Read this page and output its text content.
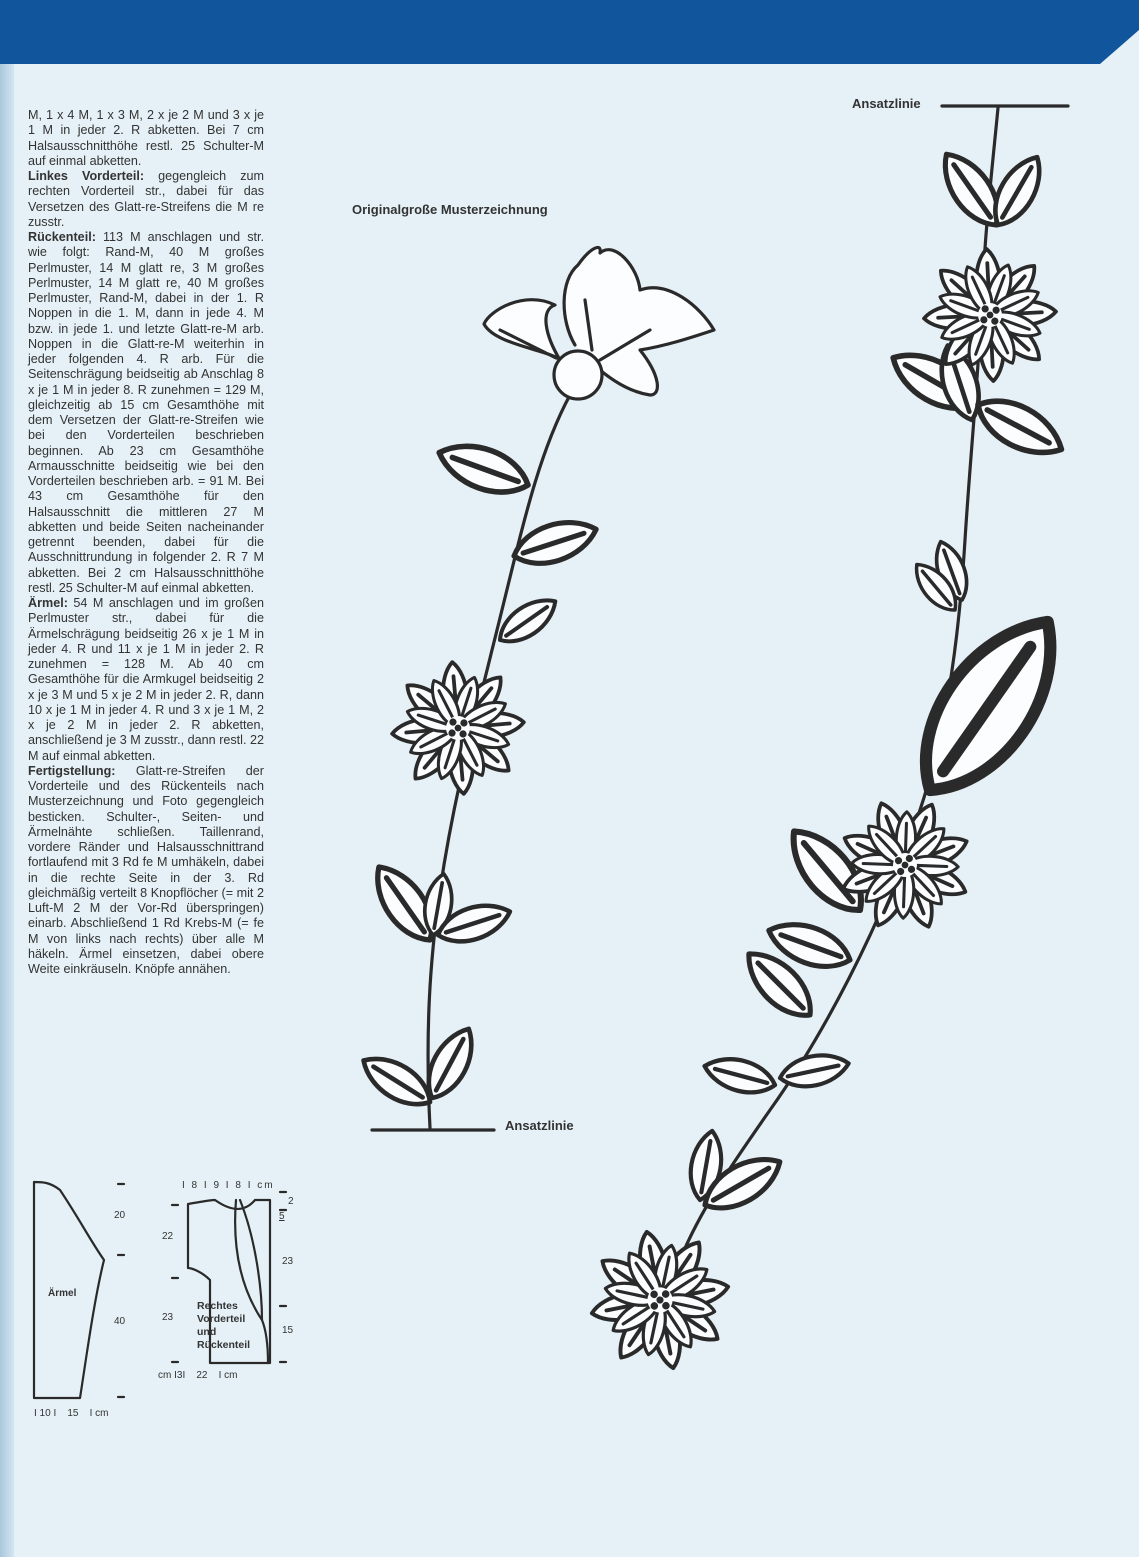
M, 1 x 4 M, 1 x 3 M, 2 x je 2 M und 3 x je 1 M in jeder 2. R abketten. Bei 7 cm Halsausschnitthöhe restl. 25 Schulter-M auf einmal abketten.

Linkes Vorderteil: gegengleich zum rechten Vorderteil str., dabei für das Versetzen des Glatt-re-Streifens die M re zusstr.

Rückenteil: 113 M anschlagen und str. wie folgt: Rand-M, 40 M großes Perlmuster, 14 M glatt re, 3 M großes Perlmuster, 14 M glatt re, 40 M großes Perlmuster, Rand-M, dabei in der 1. R Noppen in die 1. M, dann in jede 4. M bzw. in jede 1. und letzte Glatt-re-M arb. Noppen in die Glatt-re-M weiterhin in jeder folgenden 4. R arb. Für die Seitenschrägung beidseitig ab Anschlag 8 x je 1 M in jeder 8. R zunehmen = 129 M, gleichzeitig ab 15 cm Gesamthöhe mit dem Versetzen der Glatt-re-Streifen wie bei den Vorderteilen beschrieben beginnen. Ab 23 cm Gesamthöhe Armausschnitte beidseitig wie bei den Vorderteilen beschrieben arb. = 91 M. Bei 43 cm Gesamthöhe für den Halsausschnitt die mittleren 27 M abketten und beide Seiten nacheinander getrennt beenden, dabei für die Ausschnittrundung in folgender 2. R 7 M abketten. Bei 2 cm Halsausschnitthöhe restl. 25 Schulter-M auf einmal abketten.

Ärmel: 54 M anschlagen und im großen Perlmuster str., dabei für die Ärmelschrägung beidseitig 26 x je 1 M in jeder 4. R und 11 x je 1 M in jeder 2. R zunehmen = 128 M. Ab 40 cm Gesamthöhe für die Armkugel beidseitig 2 x je 3 M und 5 x je 2 M in jeder 2. R, dann 10 x je 1 M in jeder 4. R und 3 x je 1 M, 2 x je 2 M in jeder 2. R abketten, anschließend je 3 M zusstr., dann restl. 22 M auf einmal abketten.

Fertigstellung: Glatt-re-Streifen der Vorderteile und des Rückenteils nach Musterzeichnung und Foto gegengleich besticken. Schulter-, Seiten- und Ärmelnähte schließen. Taillenrand, vordere Ränder und Halsausschnittrand fortlaufend mit 3 Rd fe M umhäkeln, dabei in die rechte Seite in der 3. Rd gleichmäßig verteilt 8 Knopflöcher (= mit 2 Luft-M 2 M der Vor-Rd überspringen) einarb. Abschließend 1 Rd Krebs-M (= fe M von links nach rechts) über alle M häkeln. Ärmel einsetzen, dabei obere Weite einkräuseln. Knöpfe annähen.

Originalgroße Musterzeichnung
Ansatzlinie
Ansatzlinie
Ärmel
20
40
I 10 I    15    I cm
I 8 I 9 I 8 I cm
2
5
23
15
22
23
cm I3I    22    I cm
Rechtes
Vorderteil
und
Rückenteil
